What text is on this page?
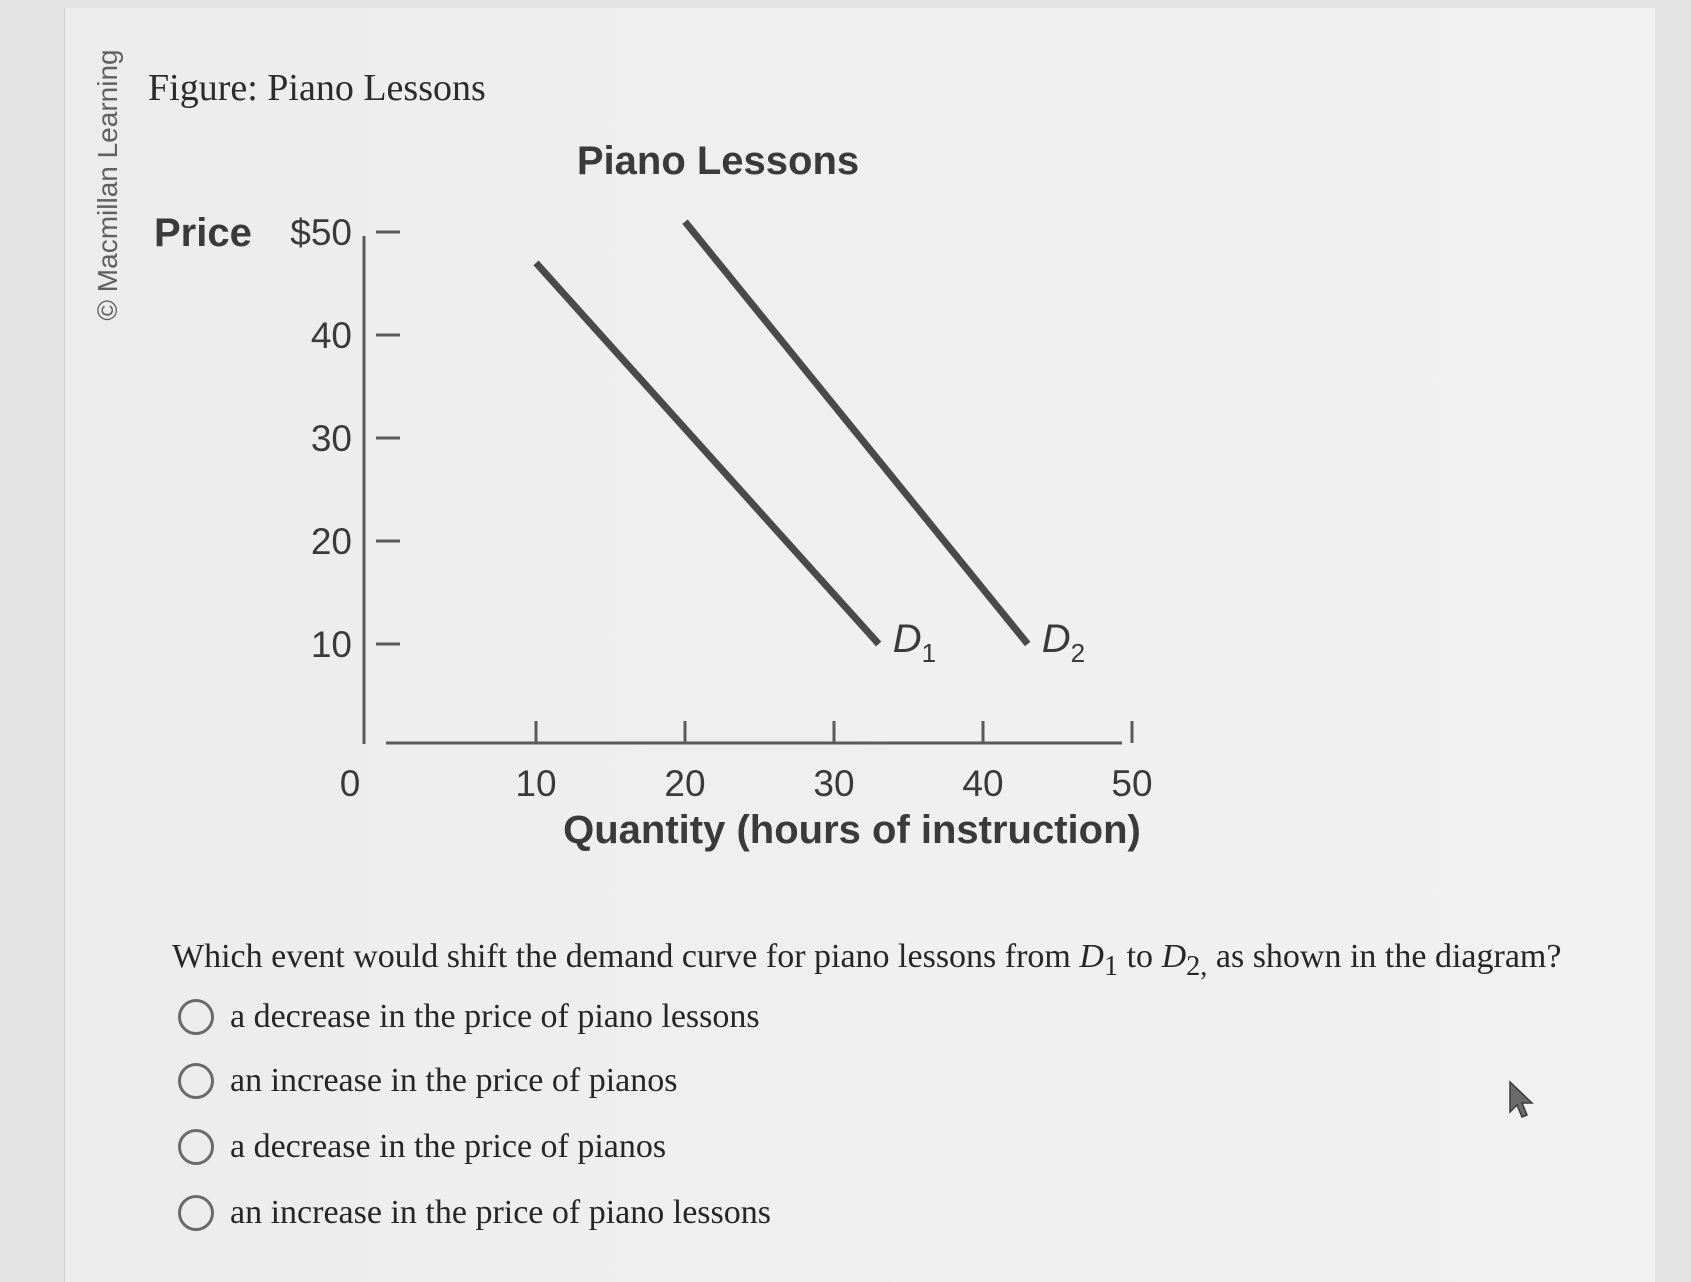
© Macmillan Learning Figure: Piano Lessons
Piano Lessons
Price $50
40
30
20
10
0	10	20	30	40	50
Quantity (hours of instruction)
$D_1$	$D_2$
Which event would shift the demand curve for piano lessons from $D_1$ to $D_{2,}$ as shown in the diagram?
a decrease in the price of piano lessons
an increase in the price of pianos
a decrease in the price of pianos
an increase in the price of piano lessons
